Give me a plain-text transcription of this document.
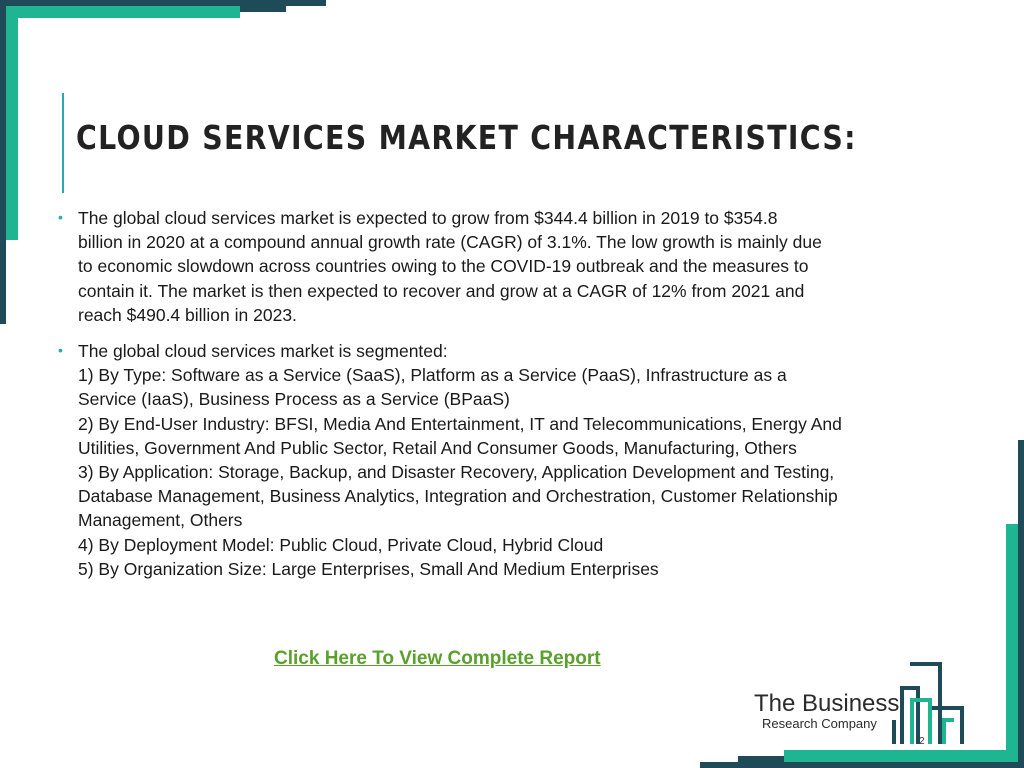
CLOUD SERVICES MARKET CHARACTERISTICS:
• The global cloud services market is expected to grow from $344.4 billion in 2019 to $354.8

billion in 2020 at a compound annual growth rate (CAGR) of 3.1%. The low growth is mainly due

to economic slowdown across countries owing to the COVID-19 outbreak and the measures to

contain it. The market is then expected to recover and grow at a CAGR of 12% from 2021 and

reach $490.4 billion in 2023.

• The global cloud services market is segmented:

1) By Type: Software as a Service (SaaS), Platform as a Service (PaaS), Infrastructure as a

Service (IaaS), Business Process as a Service (BPaaS)

2) By End-User Industry: BFSI, Media And Entertainment, IT and Telecommunications, Energy And

Utilities, Government And Public Sector, Retail And Consumer Goods, Manufacturing, Others

3) By Application: Storage, Backup, and Disaster Recovery, Application Development and Testing,

Database Management, Business Analytics, Integration and Orchestration, Customer Relationship

Management, Others

4) By Deployment Model: Public Cloud, Private Cloud, Hybrid Cloud

5) By Organization Size: Large Enterprises, Small And Medium Enterprises

Click Here To View Complete Report
The Business
Research Company
2
